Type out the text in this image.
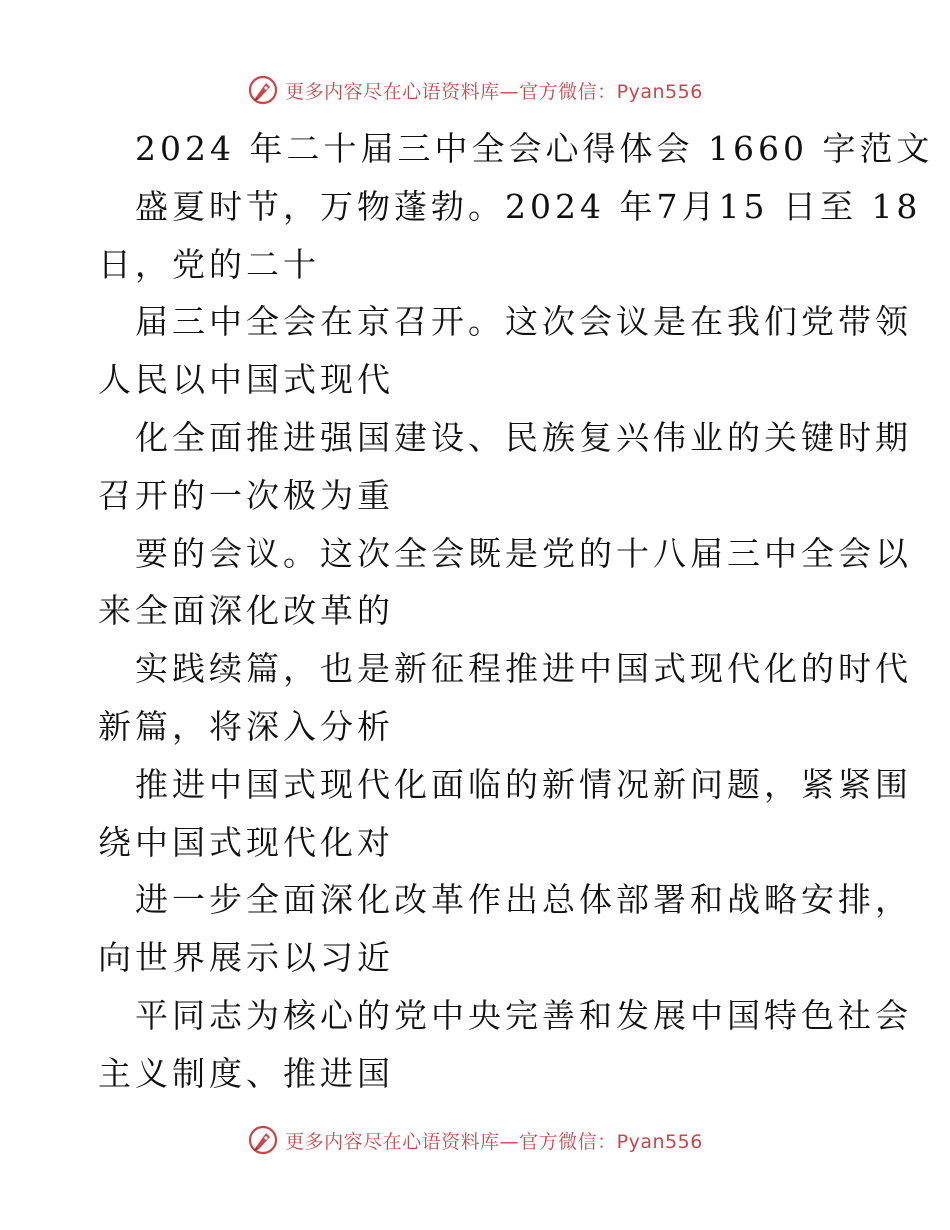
更多内容尽在心语资料库—官方微信：Pyan556
2024 年二十届三中全会心得体会 1660 字范文
盛夏时节，万物蓬勃。2024 年7月15 日至 18
日，党的二十
届三中全会在京召开。这次会议是在我们党带领
人民以中国式现代
化全面推进强国建设、民族复兴伟业的关键时期
召开的一次极为重
要的会议。这次全会既是党的十八届三中全会以
来全面深化改革的
实践续篇，也是新征程推进中国式现代化的时代
新篇，将深入分析
推进中国式现代化面临的新情况新问题，紧紧围
绕中国式现代化对
进一步全面深化改革作出总体部署和战略安排，
向世界展示以习近
平同志为核心的党中央完善和发展中国特色社会
主义制度、推进国
更多内容尽在心语资料库—官方微信：Pyan556
